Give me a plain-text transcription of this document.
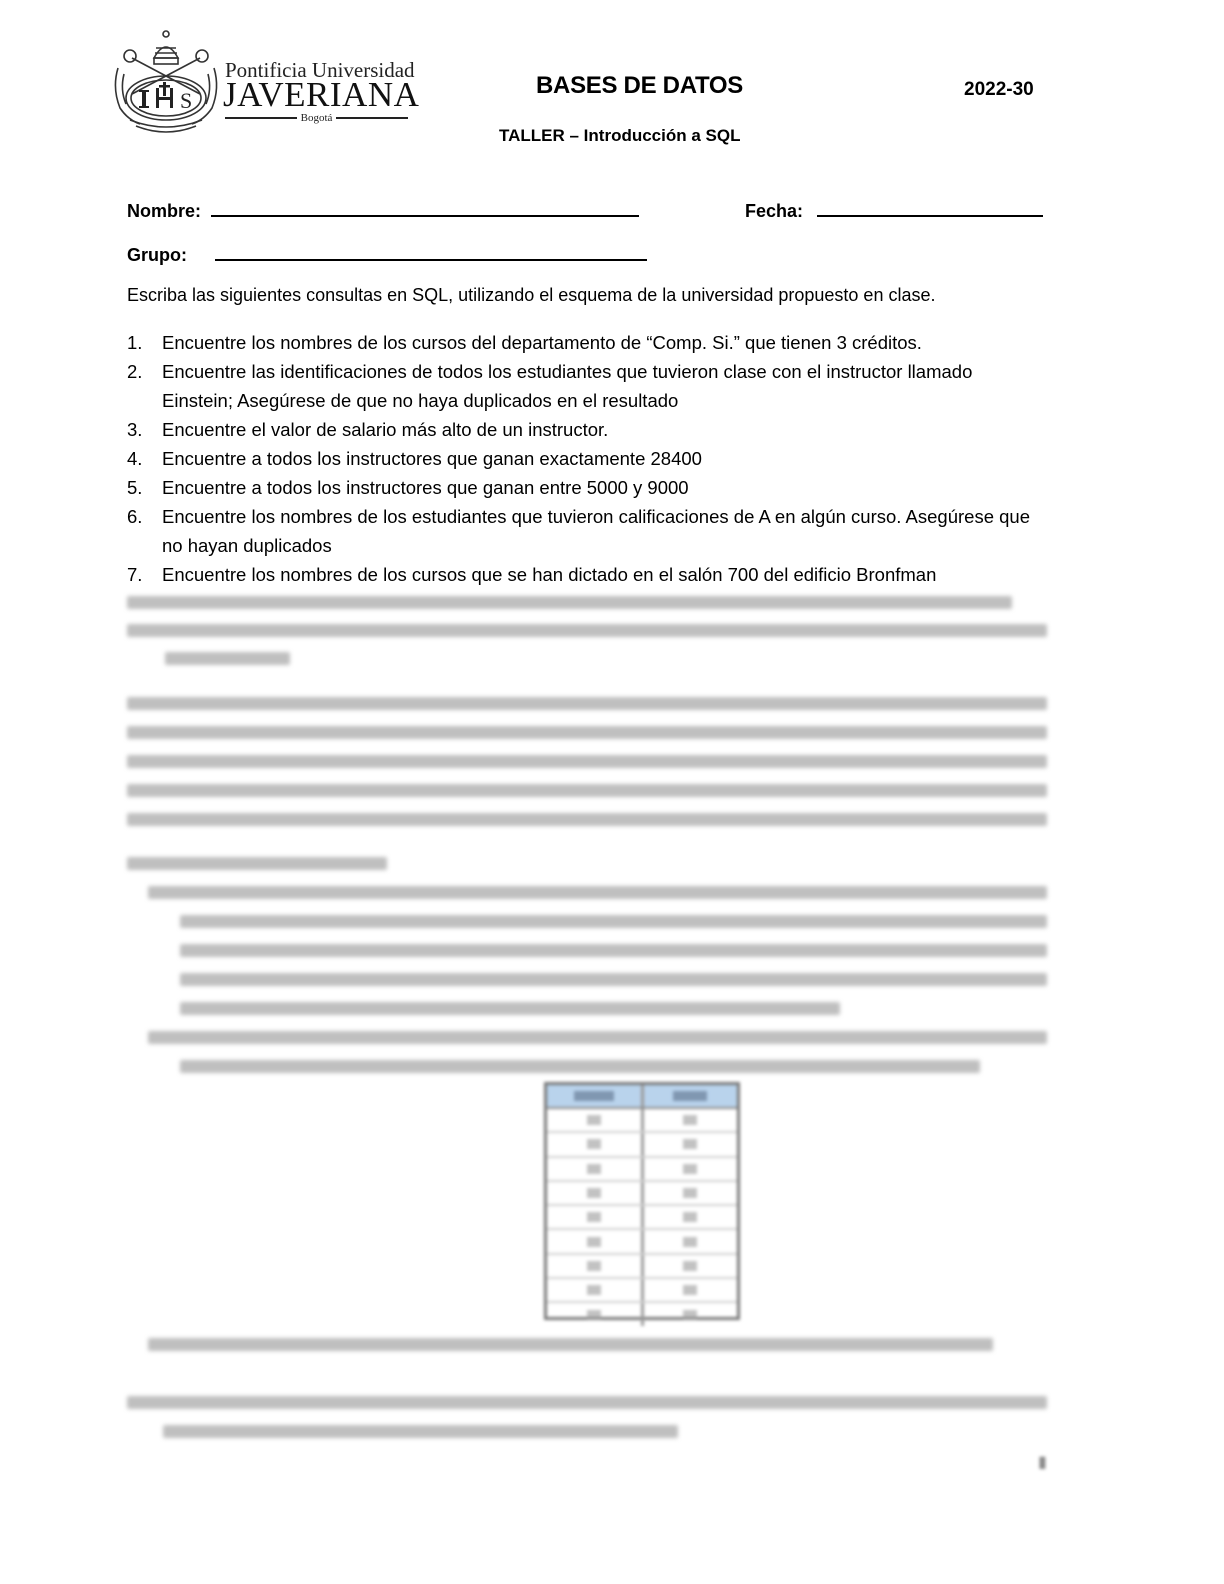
S
Pontificia Universidad
JAVERIANA
Bogotá
BASES DE DATOS	2022-30
TALLER – Introducción a SQL
Nombre:	Fecha:
Grupo:
Escriba las siguientes consultas en SQL, utilizando el esquema de la universidad propuesto en clase.
1.	Encuentre los nombres de los cursos del departamento de “Comp. Si.” que tienen 3 créditos.
2.	Encuentre las identificaciones de todos los estudiantes que tuvieron clase con el instructor llamado Einstein; Asegúrese de que no haya duplicados en el resultado
3.	Encuentre el valor de salario más alto de un instructor.
4.	Encuentre a todos los instructores que ganan exactamente 28400
5.	Encuentre a todos los instructores que ganan entre 5000 y 9000
6.	Encuentre los nombres de los estudiantes que tuvieron calificaciones de A en algún curso. Asegúrese que no hayan duplicados
7.	Encuentre los nombres de los cursos que se han dictado en el salón 700 del edificio Bronfman
▮
